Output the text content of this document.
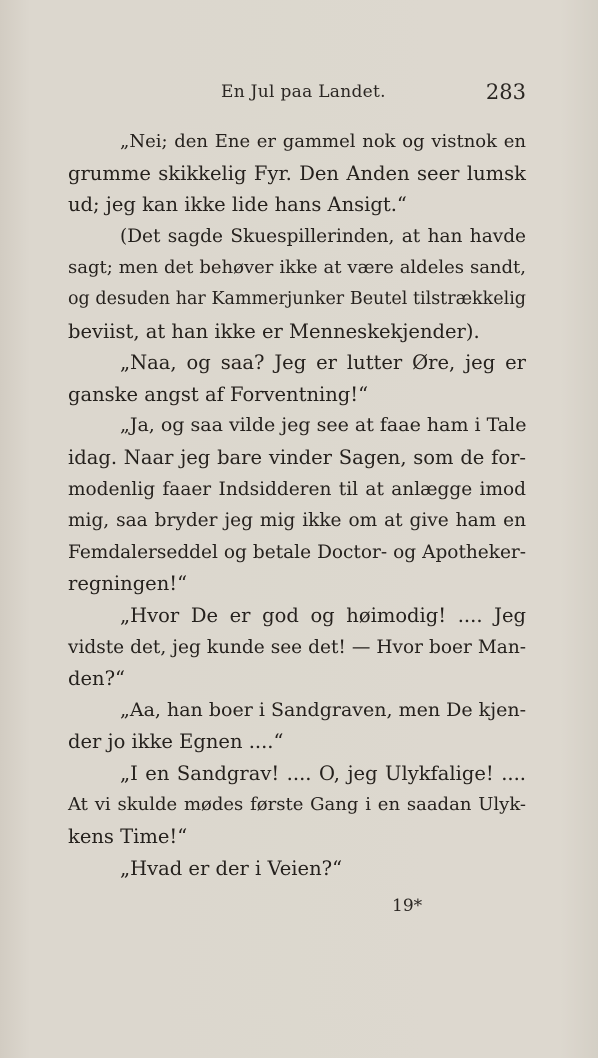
En Jul paa Landet.	283
„Nei; den Ene er gammel nok og vistnok en
grumme skikkelig Fyr. Den Anden seer lumsk
ud; jeg kan ikke lide hans Ansigt.“
(Det sagde Skuespillerinden, at han havde
sagt; men det behøver ikke at være aldeles sandt,
og desuden har Kammerjunker Beutel tilstrækkelig
beviist, at han ikke er Menneskekjender).
„Naa, og saa? Jeg er lutter Øre, jeg er
ganske angst af Forventning!“
„Ja, og saa vilde jeg see at faae ham i Tale
idag. Naar jeg bare vinder Sagen, som de for-
modenlig faaer Indsidderen til at anlægge imod
mig, saa bryder jeg mig ikke om at give ham en
Femdalerseddel og betale Doctor- og Apotheker-
regningen!“
„Hvor De er god og høimodig! .... Jeg
vidste det, jeg kunde see det! — Hvor boer Man-
den?“
„Aa, han boer i Sandgraven, men De kjen-
der jo ikke Egnen ....“
„I en Sandgrav! .... O, jeg Ulykfalige! ....
At vi skulde mødes første Gang i en saadan Ulyk-
kens Time!“
„Hvad er der i Veien?“
19*
